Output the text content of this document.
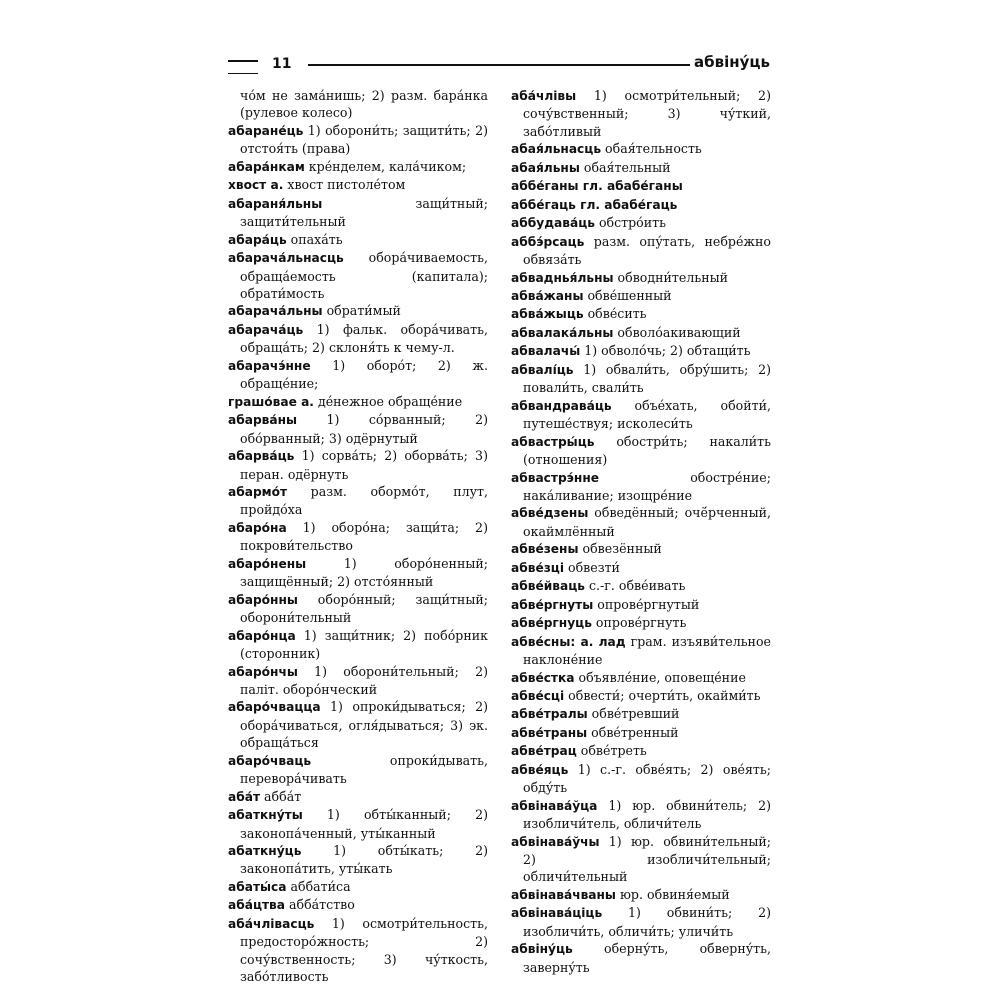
11	абвіну́ць
чо́м не зама́нишь; 2) разм. бара́нка (рулевое колесо)
абаране́ць 1) оборони́ть; защити́ть; 2) отстоя́ть (права)
абара́нкам кре́нделем, кала́чиком;
хвост а. хвост пистоле́том
абараня́льны защи́тный; защити́тельный
абара́ць опаха́ть
абарача́льнасць обора́чиваемость, обраща́емость (капитала); обрати́мость
абарача́льны обрати́мый
абарача́ць 1) фальк. обора́чивать, обраща́ть; 2) склоня́ть к чему-л.
абарачэ́нне 1) оборо́т; 2) ж. обраще́ние;
грашо́вае а. де́нежное обраще́ние
абарва́ны 1) со́рванный; 2) обо́рванный; 3) одёрнутый
абарва́ць 1) сорва́ть; 2) оборва́ть; 3) перан. одёрнуть
абармо́т разм. обормо́т, плут, пройдо́ха
абаро́на 1) оборо́на; защи́та; 2) покрови́тельство
абаро́нены 1) оборо́ненный; защищённый; 2) отсто́янный
абаро́нны оборо́нный; защи́тный; оборони́тельный
абаро́нца 1) защи́тник; 2) побо́рник (сторонник)
абаро́нчы 1) оборони́тельный; 2) паліт. оборо́нческий
абаро́чвацца 1) опроки́дываться; 2) обора́чиваться, огля́дываться; 3) эк. обраща́ться
абаро́чваць опроки́дывать, перевора́чивать
аба́т абба́т
абаткну́ты 1) обты́канный; 2) законопа́ченный, уты́канный
абаткну́ць 1) обты́кать; 2) законопа́тить, уты́кать
абаты́са аббати́са
аба́цтва абба́тство
аба́члівасць 1) осмотри́тельность, предосторо́жность; 2) сочу́вственность; 3) чу́ткость, забо́тливость
аба́члівы 1) осмотри́тельный; 2) сочу́вственный; 3) чу́ткий, забо́тливый
абая́льнасць обая́тельность
абая́льны обая́тельный
аббе́ганы гл. абабе́ганы
аббе́гаць гл. абабе́гаць
аббудава́ць обстро́ить
аббэ́рсаць разм. опу́тать, небре́жно обвяза́ть
абваднья́льны обводни́тельный
абва́жаны обве́шенный
абва́жыць обве́сить
абвалака́льны обволо́акивающий
абвалачы́ 1) обволо́чь; 2) обтащи́ть
абвалі́ць 1) обвали́ть, обру́шить; 2) повали́ть, свали́ть
абвандрава́ць объе́хать, обойти́, путеше́ствуя; исколеси́ть
абвастры́ць обостри́ть; накали́ть (отношения)
абвастрэ́нне обостре́ние; нака́ливание; изощре́ние
абве́дзены обведённый; очё́рченный, окаймлённый
абве́зены обвезённый
абве́зці обвезти́
абве́йваць с.-г. обве́ивать
абве́ргнуты опрове́ргнутый
абве́ргнуць опрове́ргнуть
абве́сны: а. лад грам. изъяви́тельное наклоне́ние
абве́стка объявле́ние, оповеще́ние
абве́сці обвести́; очерти́ть, окайми́ть
абве́тралы обве́тревший
абве́траны обве́тренный
абве́трац обве́треть
абве́яць 1) с.-г. обве́ять; 2) ове́ять; обду́ть
абвінава́ўца 1) юр. обвини́тель; 2) изобличи́тель, обличи́тель
абвінава́ўчы 1) юр. обвини́тельный; 2) изобличи́тельный; обличи́тельный
абвінава́чваны юр. обвиня́емый
абвінава́ціць 1) обвини́ть; 2) изобличи́ть, обличи́ть; уличи́ть
абвіну́ць оберну́ть, обверну́ть, заверну́ть
